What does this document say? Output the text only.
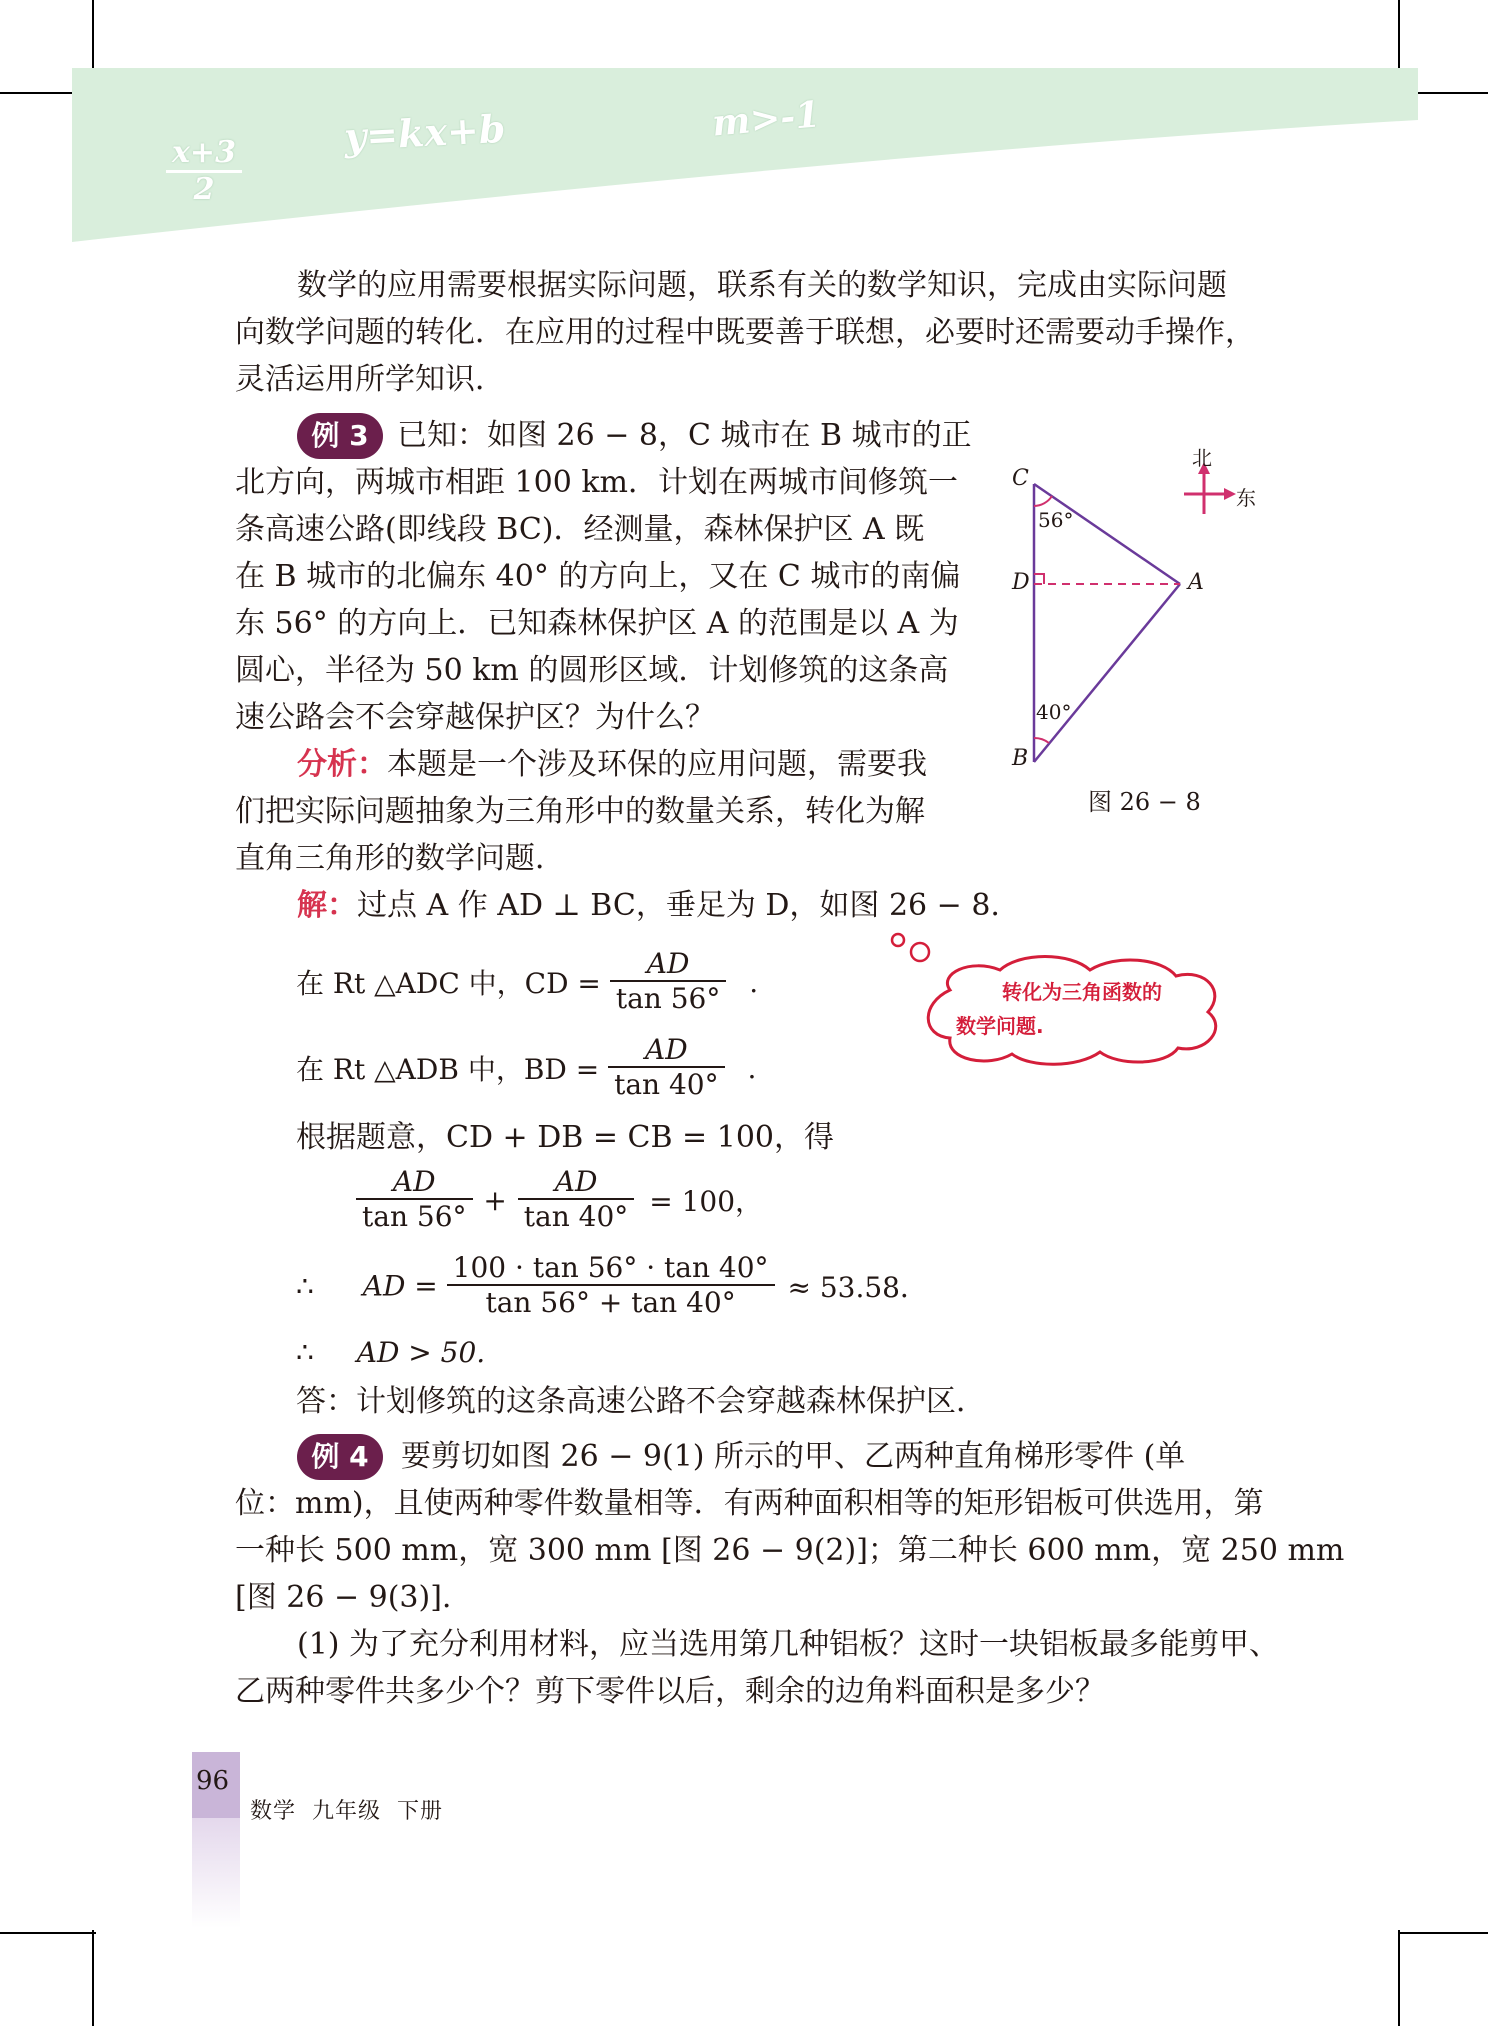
$\frac{x+3}{2}$
y=kx+b	m>-1
数学的应用需要根据实际问题，联系有关的数学知识，完成由实际问题
向数学问题的转化．在应用的过程中既要善于联想，必要时还需要动手操作，
灵活运用所学知识．
例 3 已知：如图 26 − 8，C 城市在 B 城市的正
北方向，两城市相距 100 km．计划在两城市间修筑一
条高速公路(即线段 BC)．经测量，森林保护区 A 既
在 B 城市的北偏东 40° 的方向上，又在 C 城市的南偏
东 56° 的方向上．已知森林保护区 A 的范围是以 A 为
圆心，半径为 50 km 的圆形区域．计划修筑的这条高
速公路会不会穿越保护区？为什么？
分析：本题是一个涉及环保的应用问题，需要我
们把实际问题抽象为三角形中的数量关系，转化为解
直角三角形的数学问题．
解：过点 A 作 AD ⊥ BC，垂足为 D，如图 26 − 8.
在 Rt △ADC 中，CD = $\frac{AD}{\tan 56^\circ}$ .
在 Rt △ADB 中，BD = $\frac{AD}{\tan 40^\circ}$ .
根据题意，CD + DB = CB = 100，得
$\frac{AD}{\tan 56^\circ} + \frac{AD}{\tan 40^\circ} = 100$，
∴ AD = $\frac{100 \cdot \tan 56^\circ \cdot \tan 40^\circ}{\tan 56^\circ + \tan 40^\circ} \approx 53.58$．
∴ AD > 50.
答：计划修筑的这条高速公路不会穿越森林保护区．
C
D	A
B
56°
40°
北
东
图 26 − 8
转化为三角函数的
数学问题.
例 4	要剪切如图 26 − 9(1) 所示的甲、乙两种直角梯形零件 (单
位：mm)，且使两种零件数量相等．有两种面积相等的矩形铝板可供选用，第
一种长 500 mm，宽 300 mm [图 26 − 9(2)]；第二种长 600 mm，宽 250 mm
[图 26 − 9(3)].
(1) 为了充分利用材料，应当选用第几种铝板？这时一块铝板最多能剪甲、
乙两种零件共多少个？剪下零件以后，剩余的边角料面积是多少？
96
数学  九年级  下册
